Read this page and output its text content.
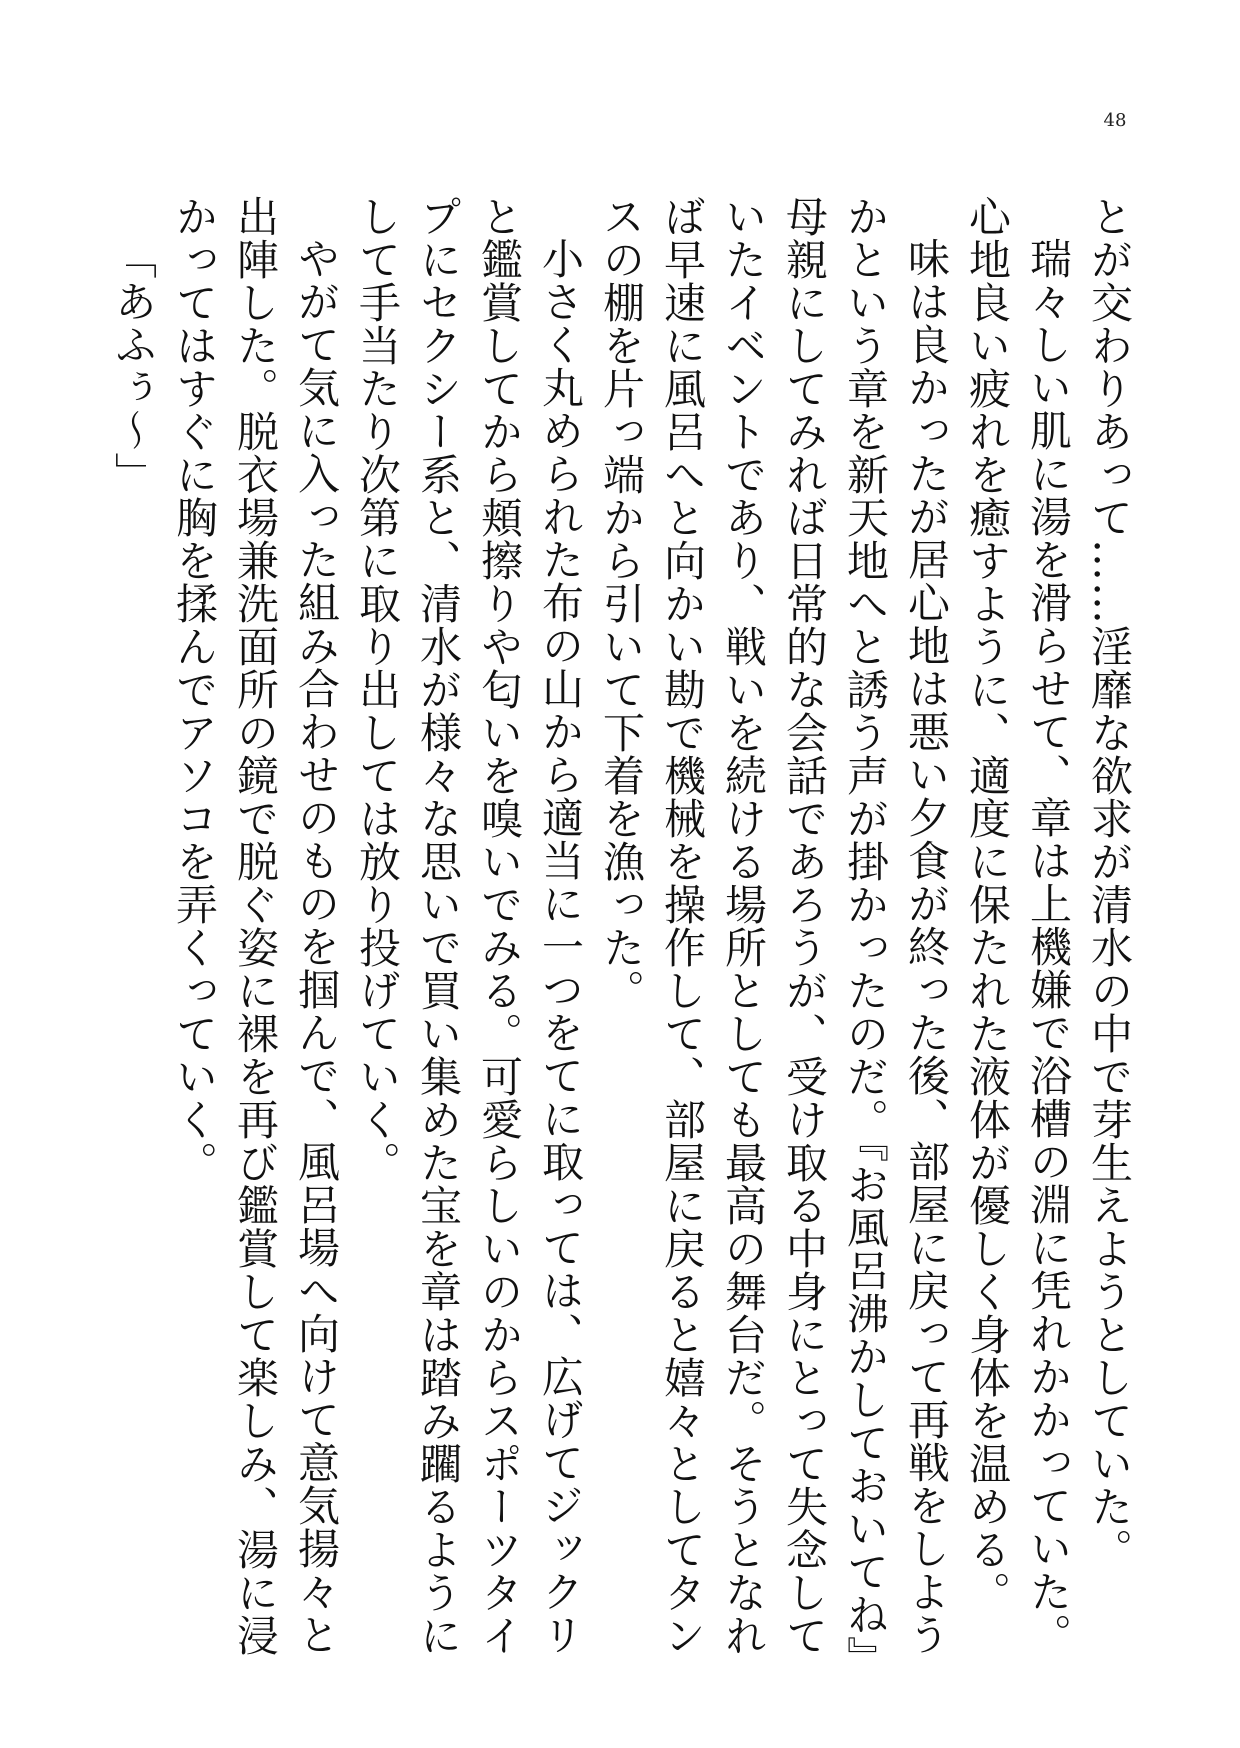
48

とが交わりあって……淫靡な欲求が清水の中で芽生えようとしていた。

瑞々しい肌に湯を滑らせて、章は上機嫌で浴槽の淵に凭れかかっていた。心地良い疲れを癒すように、適度に保たれた液体が優しく身体を温める。

味は良かったが居心地は悪い夕食が終った後、部屋に戻って再戦をしようかという章を新天地へと誘う声が掛かったのだ。『お風呂沸かしておいてね』母親にしてみれば日常的な会話であろうが、受け取る中身にとって失念していたイベントであり、戦いを続ける場所としても最高の舞台だ。そうとなれば早速に風呂へと向かい勘で機械を操作して、部屋に戻ると嬉々としてタンスの棚を片っ端から引いて下着を漁った。

小さく丸められた布の山から適当に一つをてに取っては、広げてジックリと鑑賞してから頬擦りや匂いを嗅いでみる。可愛らしいのからスポーツタイプにセクシー系と、清水が様々な思いで買い集めた宝を章は踏み躙るようにして手当たり次第に取り出しては放り投げていく。

やがて気に入った組み合わせのものを掴んで、風呂場へ向けて意気揚々と出陣した。脱衣場兼洗面所の鏡で脱ぐ姿に裸を再び鑑賞して楽しみ、湯に浸かってはすぐに胸を揉んでアソコを弄くっていく。

「あふぅ〜」
